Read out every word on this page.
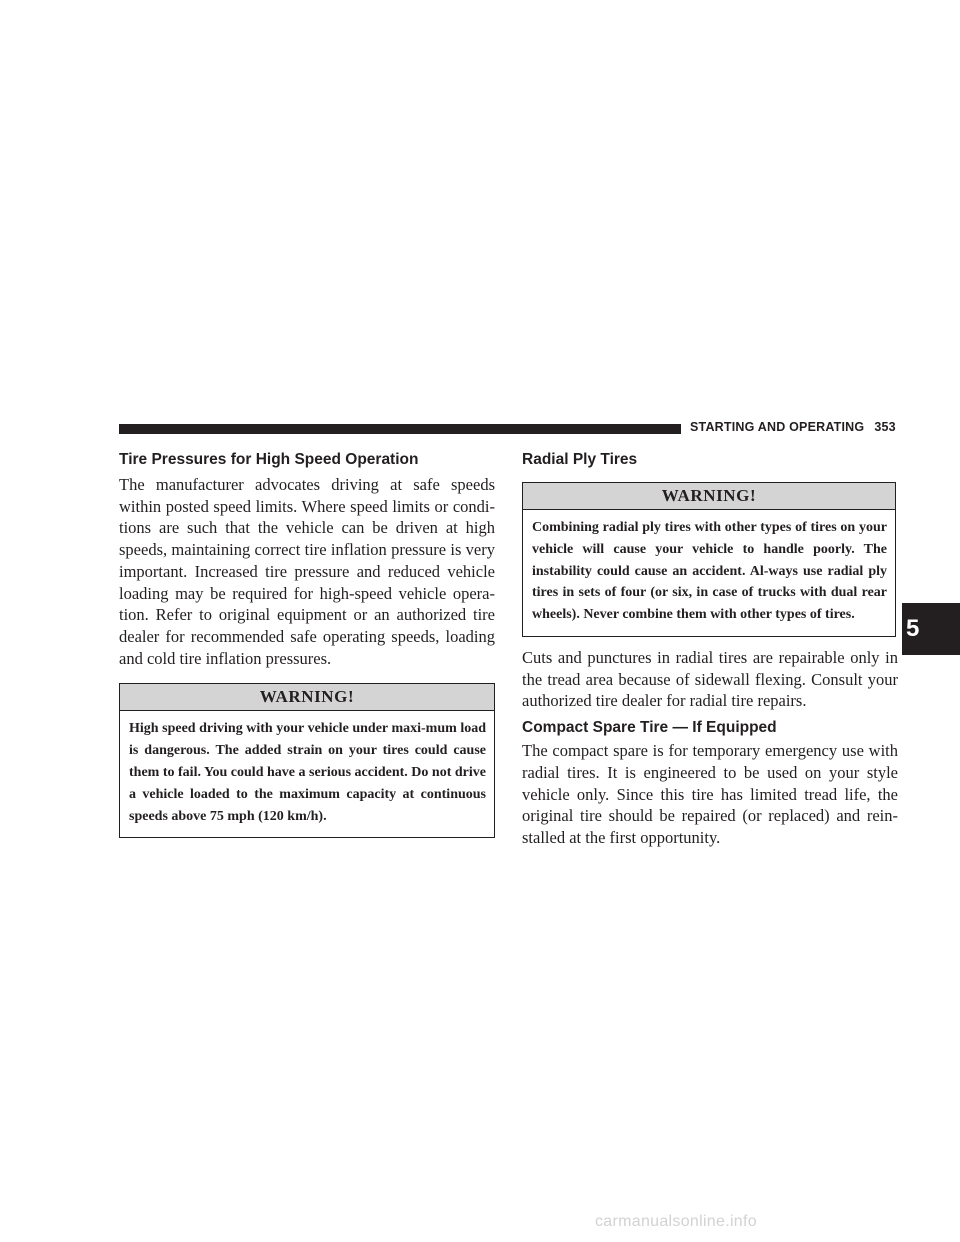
STARTING AND OPERATING 353
Tire Pressures for High Speed Operation

The manufacturer advocates driving at safe speeds within posted speed limits. Where speed limits or condi-tions are such that the vehicle can be driven at high speeds, maintaining correct tire inflation pressure is very important. Increased tire pressure and reduced vehicle loading may be required for high-speed vehicle opera-tion. Refer to original equipment or an authorized tire dealer for recommended safe operating speeds, loading and cold tire inflation pressures.

WARNING!

High speed driving with your vehicle under maxi-mum load is dangerous. The added strain on your tires could cause them to fail. You could have a serious accident. Do not drive a vehicle loaded to the maximum capacity at continuous speeds above 75 mph (120 km/h).

Radial Ply Tires
WARNING!

Combining radial ply tires with other types of tires on your vehicle will cause your vehicle to handle poorly. The instability could cause an accident. Al-ways use radial ply tires in sets of four (or six, in case of trucks with dual rear wheels). Never combine them with other types of tires.

Cuts and punctures in radial tires are repairable only in the tread area because of sidewall flexing. Consult your authorized tire dealer for radial tire repairs.

Compact Spare Tire — If Equipped

The compact spare is for temporary emergency use with radial tires. It is engineered to be used on your style vehicle only. Since this tire has limited tread life, the original tire should be repaired (or replaced) and rein-stalled at the first opportunity.

5
carmanualsonline.info
